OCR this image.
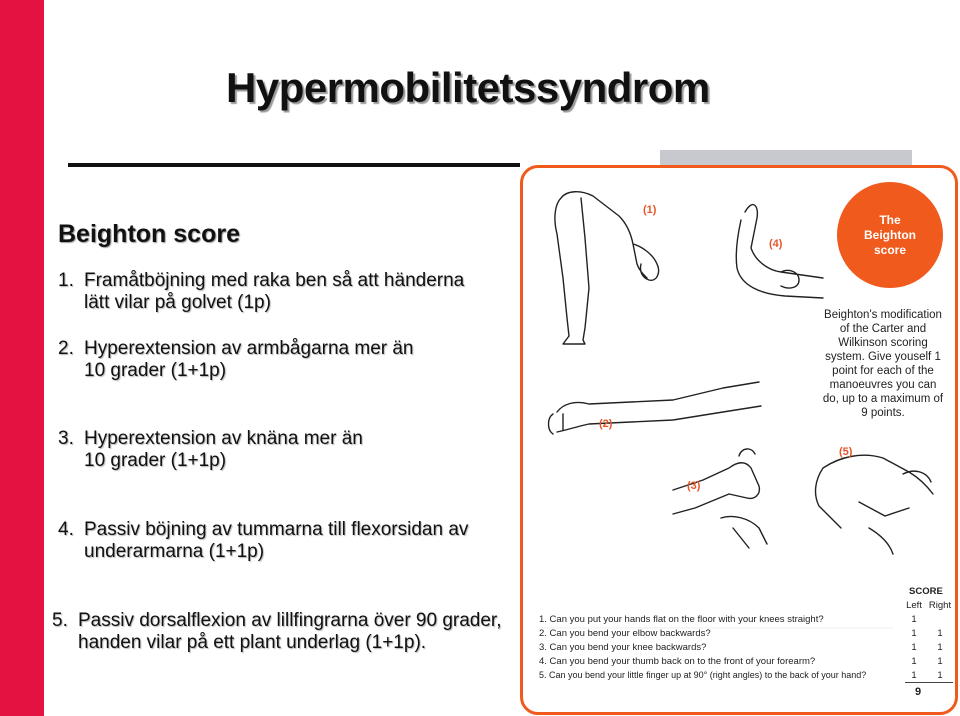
Hypermobilitetssyndrom
Beighton score
1. Framåtböjning med raka ben så att händerna
lätt vilar på golvet (1p)
2. Hyperextension av armbågarna mer än
10 grader (1+1p)
3. Hyperextension av knäna mer än
10 grader (1+1p)
4. Passiv böjning av tummarna till flexorsidan av
underarmarna (1+1p)
5. Passiv dorsalflexion av lillfingrarna över 90 grader,
handen vilar på ett plant underlag (1+1p).
(1)
(4)
(2)
(3)
(5)
The
Beighton
score
Beighton's modification of the Carter and Wilkinson scoring system. Give youself 1 point for each of the manoeuvres you can do, up to a maximum of 9 points.
SCORE
Left Right
1. Can you put your hands flat on the floor with your knees straight?	1
2. Can you bend your elbow backwards?	1	1
3. Can you bend your knee backwards?	1	1
4. Can you bend your thumb back on to the front of your forearm?	1	1
5. Can you bend your little finger up at 90° (right angles) to the back of your hand?	1	1
9
